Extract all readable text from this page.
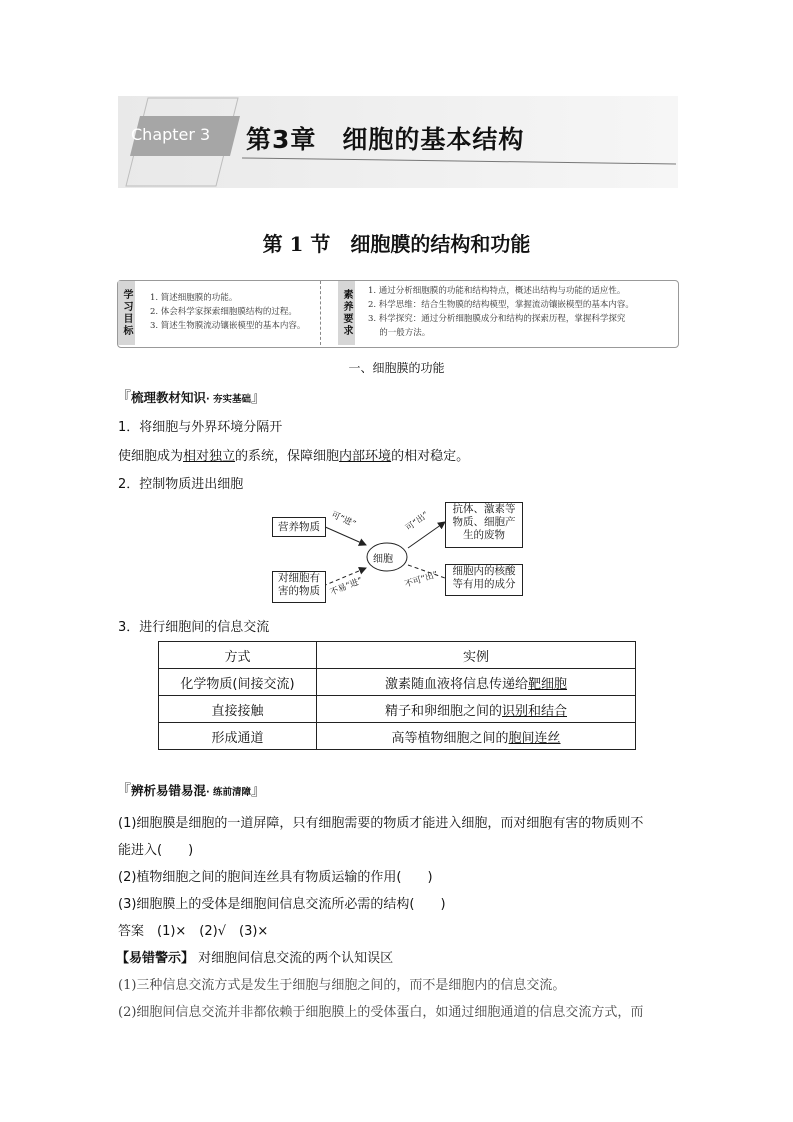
Chapter 3 第3章　细胞的基本结构
第 1 节　细胞膜的结构和功能
学习目标	1. 简述细胞膜的功能。
2. 体会科学家探索细胞膜结构的过程。
3. 简述生物膜流动镶嵌模型的基本内容。	素养要求	1. 通过分析细胞膜的功能和结构特点，概述出结构与功能的适应性。
2. 科学思维：结合生物膜的结构模型，掌握流动镶嵌模型的基本内容。
3. 科学探究：通过分析细胞膜成分和结构的探索历程，掌握科学探究
　 的一般方法。
一、细胞膜的功能
『梳理教材知识· 夯实基础』
1．将细胞与外界环境分隔开
使细胞成为相对独立的系统，保障细胞内部环境的相对稳定。
2．控制物质进出细胞
细胞
营养物质
对细胞有
害的物质
抗体、激素等
物质、细胞产
生的废物
细胞内的核酸
等有用的成分
可“进”
不易“进”
可“出”
不可“出”
3．进行细胞间的信息交流
方式	实例
化学物质(间接交流)	激素随血液将信息传递给靶细胞
直接接触	精子和卵细胞之间的识别和结合
形成通道	高等植物细胞之间的胞间连丝
『辨析易错易混· 练前清障』
(1)细胞膜是细胞的一道屏障，只有细胞需要的物质才能进入细胞，而对细胞有害的物质则不
能进入(　　)
(2)植物细胞之间的胞间连丝具有物质运输的作用(　　)
(3)细胞膜上的受体是细胞间信息交流所必需的结构(　　)
答案　(1)×　(2)√　(3)×
【易错警示】 对细胞间信息交流的两个认知误区
(1)三种信息交流方式是发生于细胞与细胞之间的，而不是细胞内的信息交流。
(2)细胞间信息交流并非都依赖于细胞膜上的受体蛋白，如通过细胞通道的信息交流方式，而
